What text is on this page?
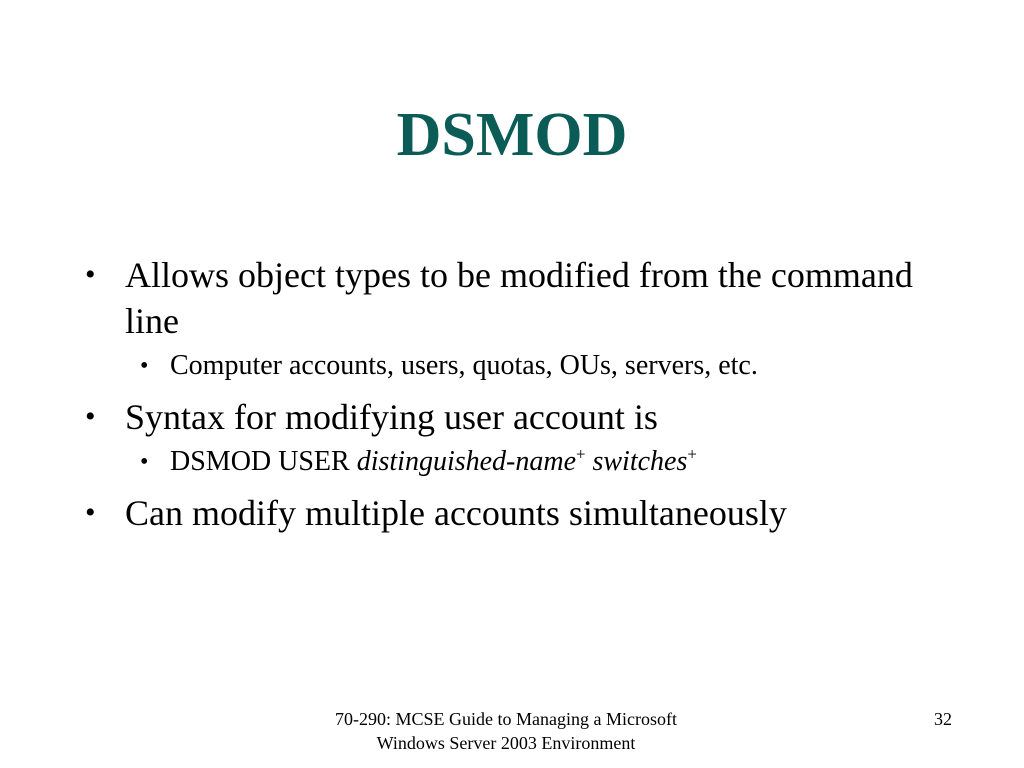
DSMOD
• Allows object types to be modified from the command line
• Computer accounts, users, quotas, OUs, servers, etc.
• Syntax for modifying user account is
• DSMOD USER distinguished-name+ switches+
• Can modify multiple accounts simultaneously
70-290: MCSE Guide to Managing a Microsoft
Windows Server 2003 Environment
32
